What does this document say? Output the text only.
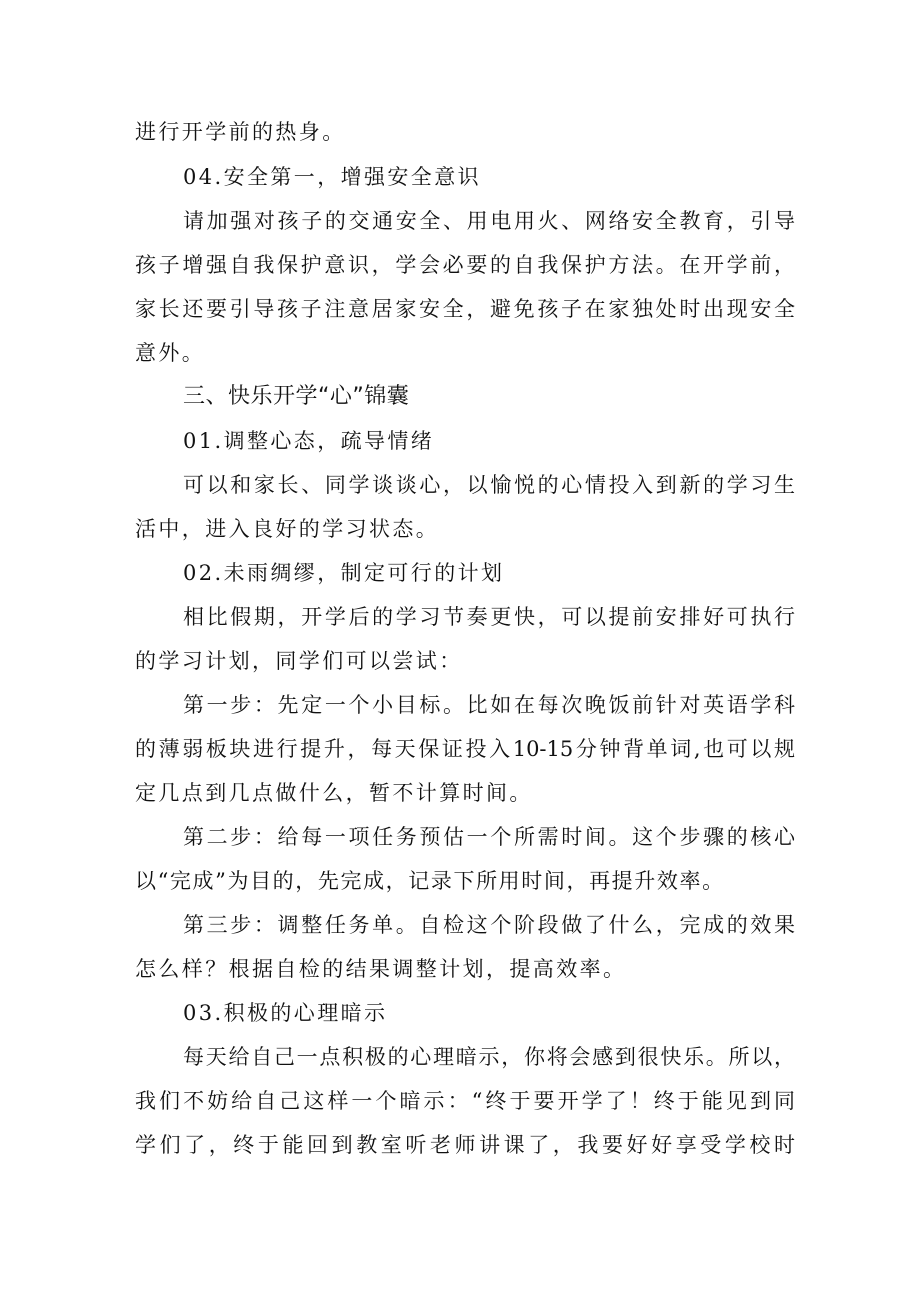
进行开学前的热身。
04.安全第一，增强安全意识
请加强对孩子的交通安全、用电用火、网络安全教育，引导
孩子增强自我保护意识，学会必要的自我保护方法。在开学前，
家长还要引导孩子注意居家安全，避免孩子在家独处时出现安全
意外。
三、快乐开学“心”锦囊
01.调整心态，疏导情绪
可以和家长、同学谈谈心，以愉悦的心情投入到新的学习生
活中，进入良好的学习状态。
02.未雨绸缪，制定可行的计划
相比假期，开学后的学习节奏更快，可以提前安排好可执行
的学习计划，同学们可以尝试：
第一步：先定一个小目标。比如在每次晚饭前针对英语学科
的薄弱板块进行提升，每天保证投入10-15分钟背单词,也可以规
定几点到几点做什么，暂不计算时间。
第二步：给每一项任务预估一个所需时间。这个步骤的核心
以“完成”为目的，先完成，记录下所用时间，再提升效率。
第三步：调整任务单。自检这个阶段做了什么，完成的效果
怎么样？根据自检的结果调整计划，提高效率。
03.积极的心理暗示
每天给自己一点积极的心理暗示，你将会感到很快乐。所以，
我们不妨给自己这样一个暗示：“终于要开学了！终于能见到同
学们了，终于能回到教室听老师讲课了，我要好好享受学校时
